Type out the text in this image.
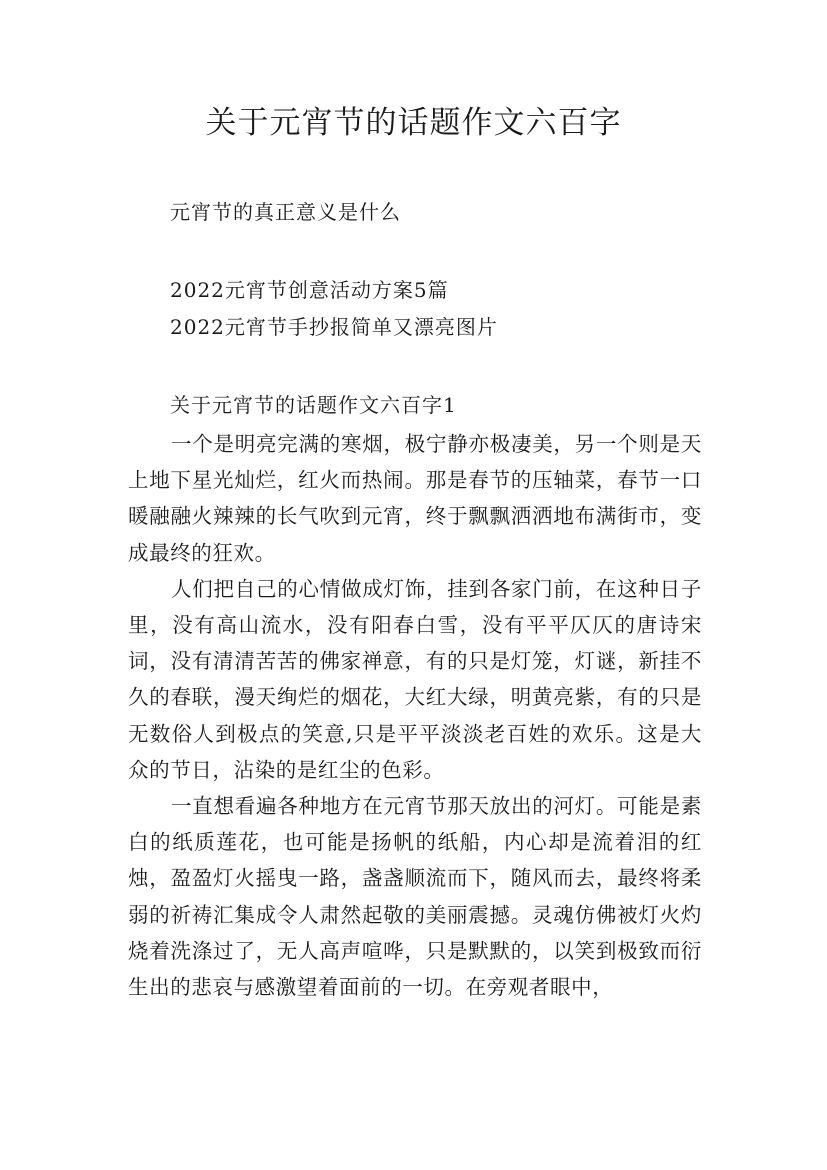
关于元宵节的话题作文六百字
元宵节的真正意义是什么
2022元宵节创意活动方案5篇
2022元宵节手抄报简单又漂亮图片
关于元宵节的话题作文六百字1

一个是明亮完满的寒烟，极宁静亦极凄美，另一个则是天上地下星光灿烂，红火而热闹。那是春节的压轴菜，春节一口暖融融火辣辣的长气吹到元宵，终于飘飘洒洒地布满街市，变成最终的狂欢。

人们把自己的心情做成灯饰，挂到各家门前，在这种日子里，没有高山流水，没有阳春白雪，没有平平仄仄的唐诗宋词，没有清清苦苦的佛家禅意，有的只是灯笼，灯谜，新挂不久的春联，漫天绚烂的烟花，大红大绿，明黄亮紫，有的只是无数俗人到极点的笑意,只是平平淡淡老百姓的欢乐。这是大众的节日，沾染的是红尘的色彩。

一直想看遍各种地方在元宵节那天放出的河灯。可能是素白的纸质莲花，也可能是扬帆的纸船，内心却是流着泪的红烛，盈盈灯火摇曳一路，盏盏顺流而下，随风而去，最终将柔弱的祈祷汇集成令人肃然起敬的美丽震撼。灵魂仿佛被灯火灼烧着洗涤过了，无人高声喧哗，只是默默的，以笑到极致而衍生出的悲哀与感激望着面前的一切。在旁观者眼中，
